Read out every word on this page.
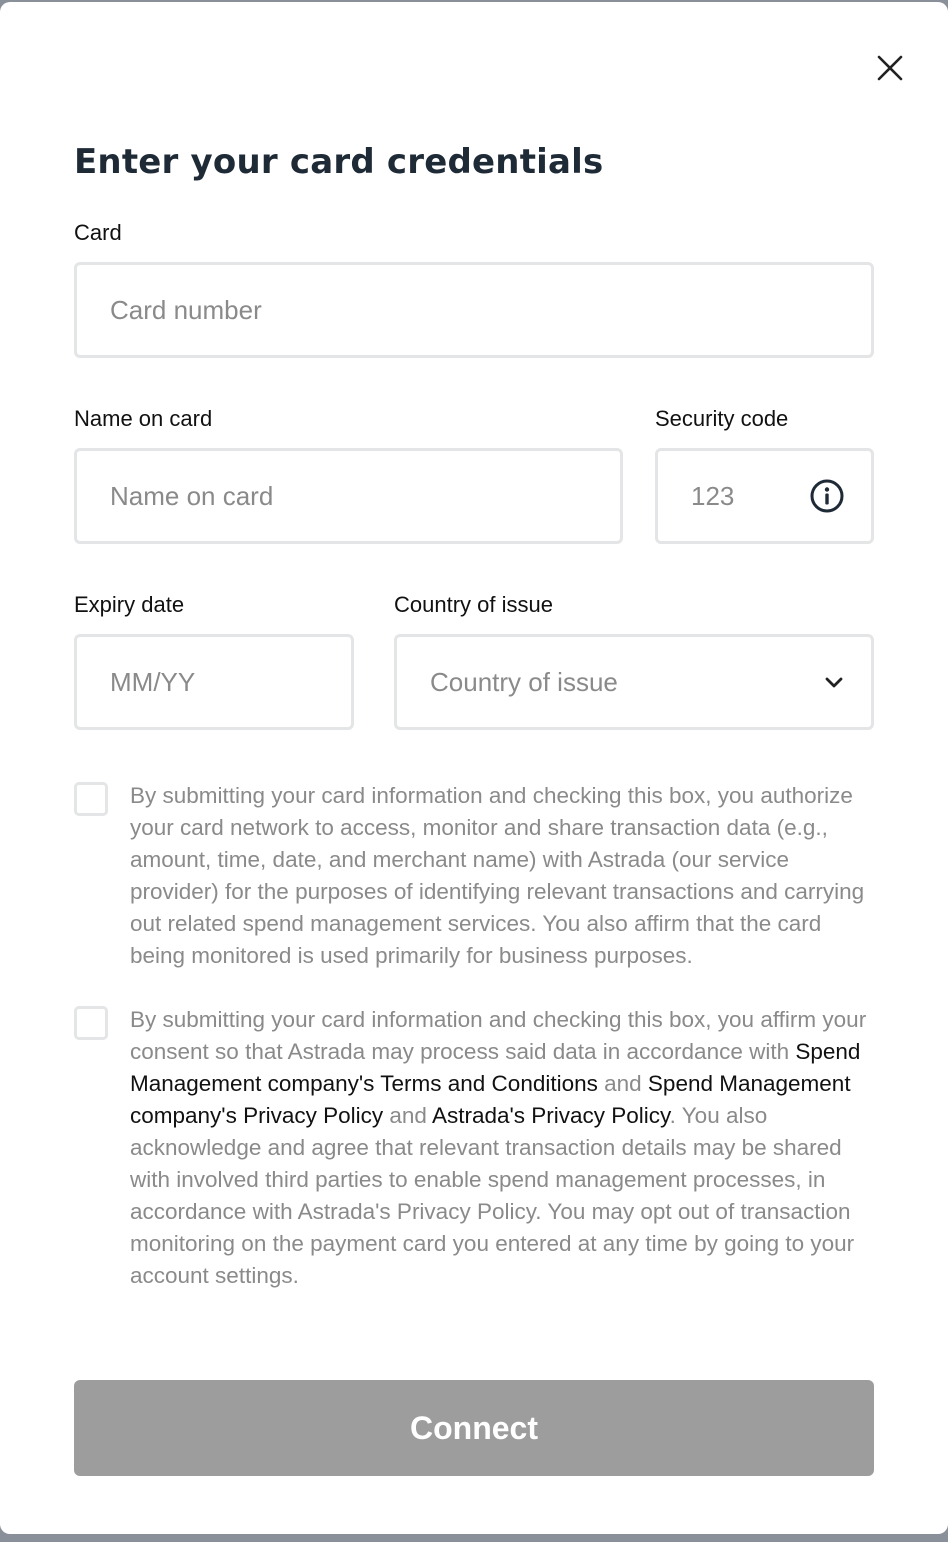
Enter your card credentials
Card
Card number
Name on card
Name on card	Security code
123
Expiry date
MM/YY	Country of issue
Country of issue

By submitting your card information and checking this box, you authorize your card network to access, monitor and share transaction data (e.g., amount, time, date, and merchant name) with Astrada (our service provider) for the purposes of identifying relevant transactions and carrying out related spend management services. You also affirm that the card being monitored is used primarily for business purposes.

By submitting your card information and checking this box, you affirm your consent so that Astrada may process said data in accordance with Spend Management company's Terms and Conditions and Spend Management company's Privacy Policy and Astrada's Privacy Policy. You also acknowledge and agree that relevant transaction details may be shared with involved third parties to enable spend management processes, in accordance with Astrada's Privacy Policy. You may opt out of transaction monitoring on the payment card you entered at any time by going to your account settings.

Connect
